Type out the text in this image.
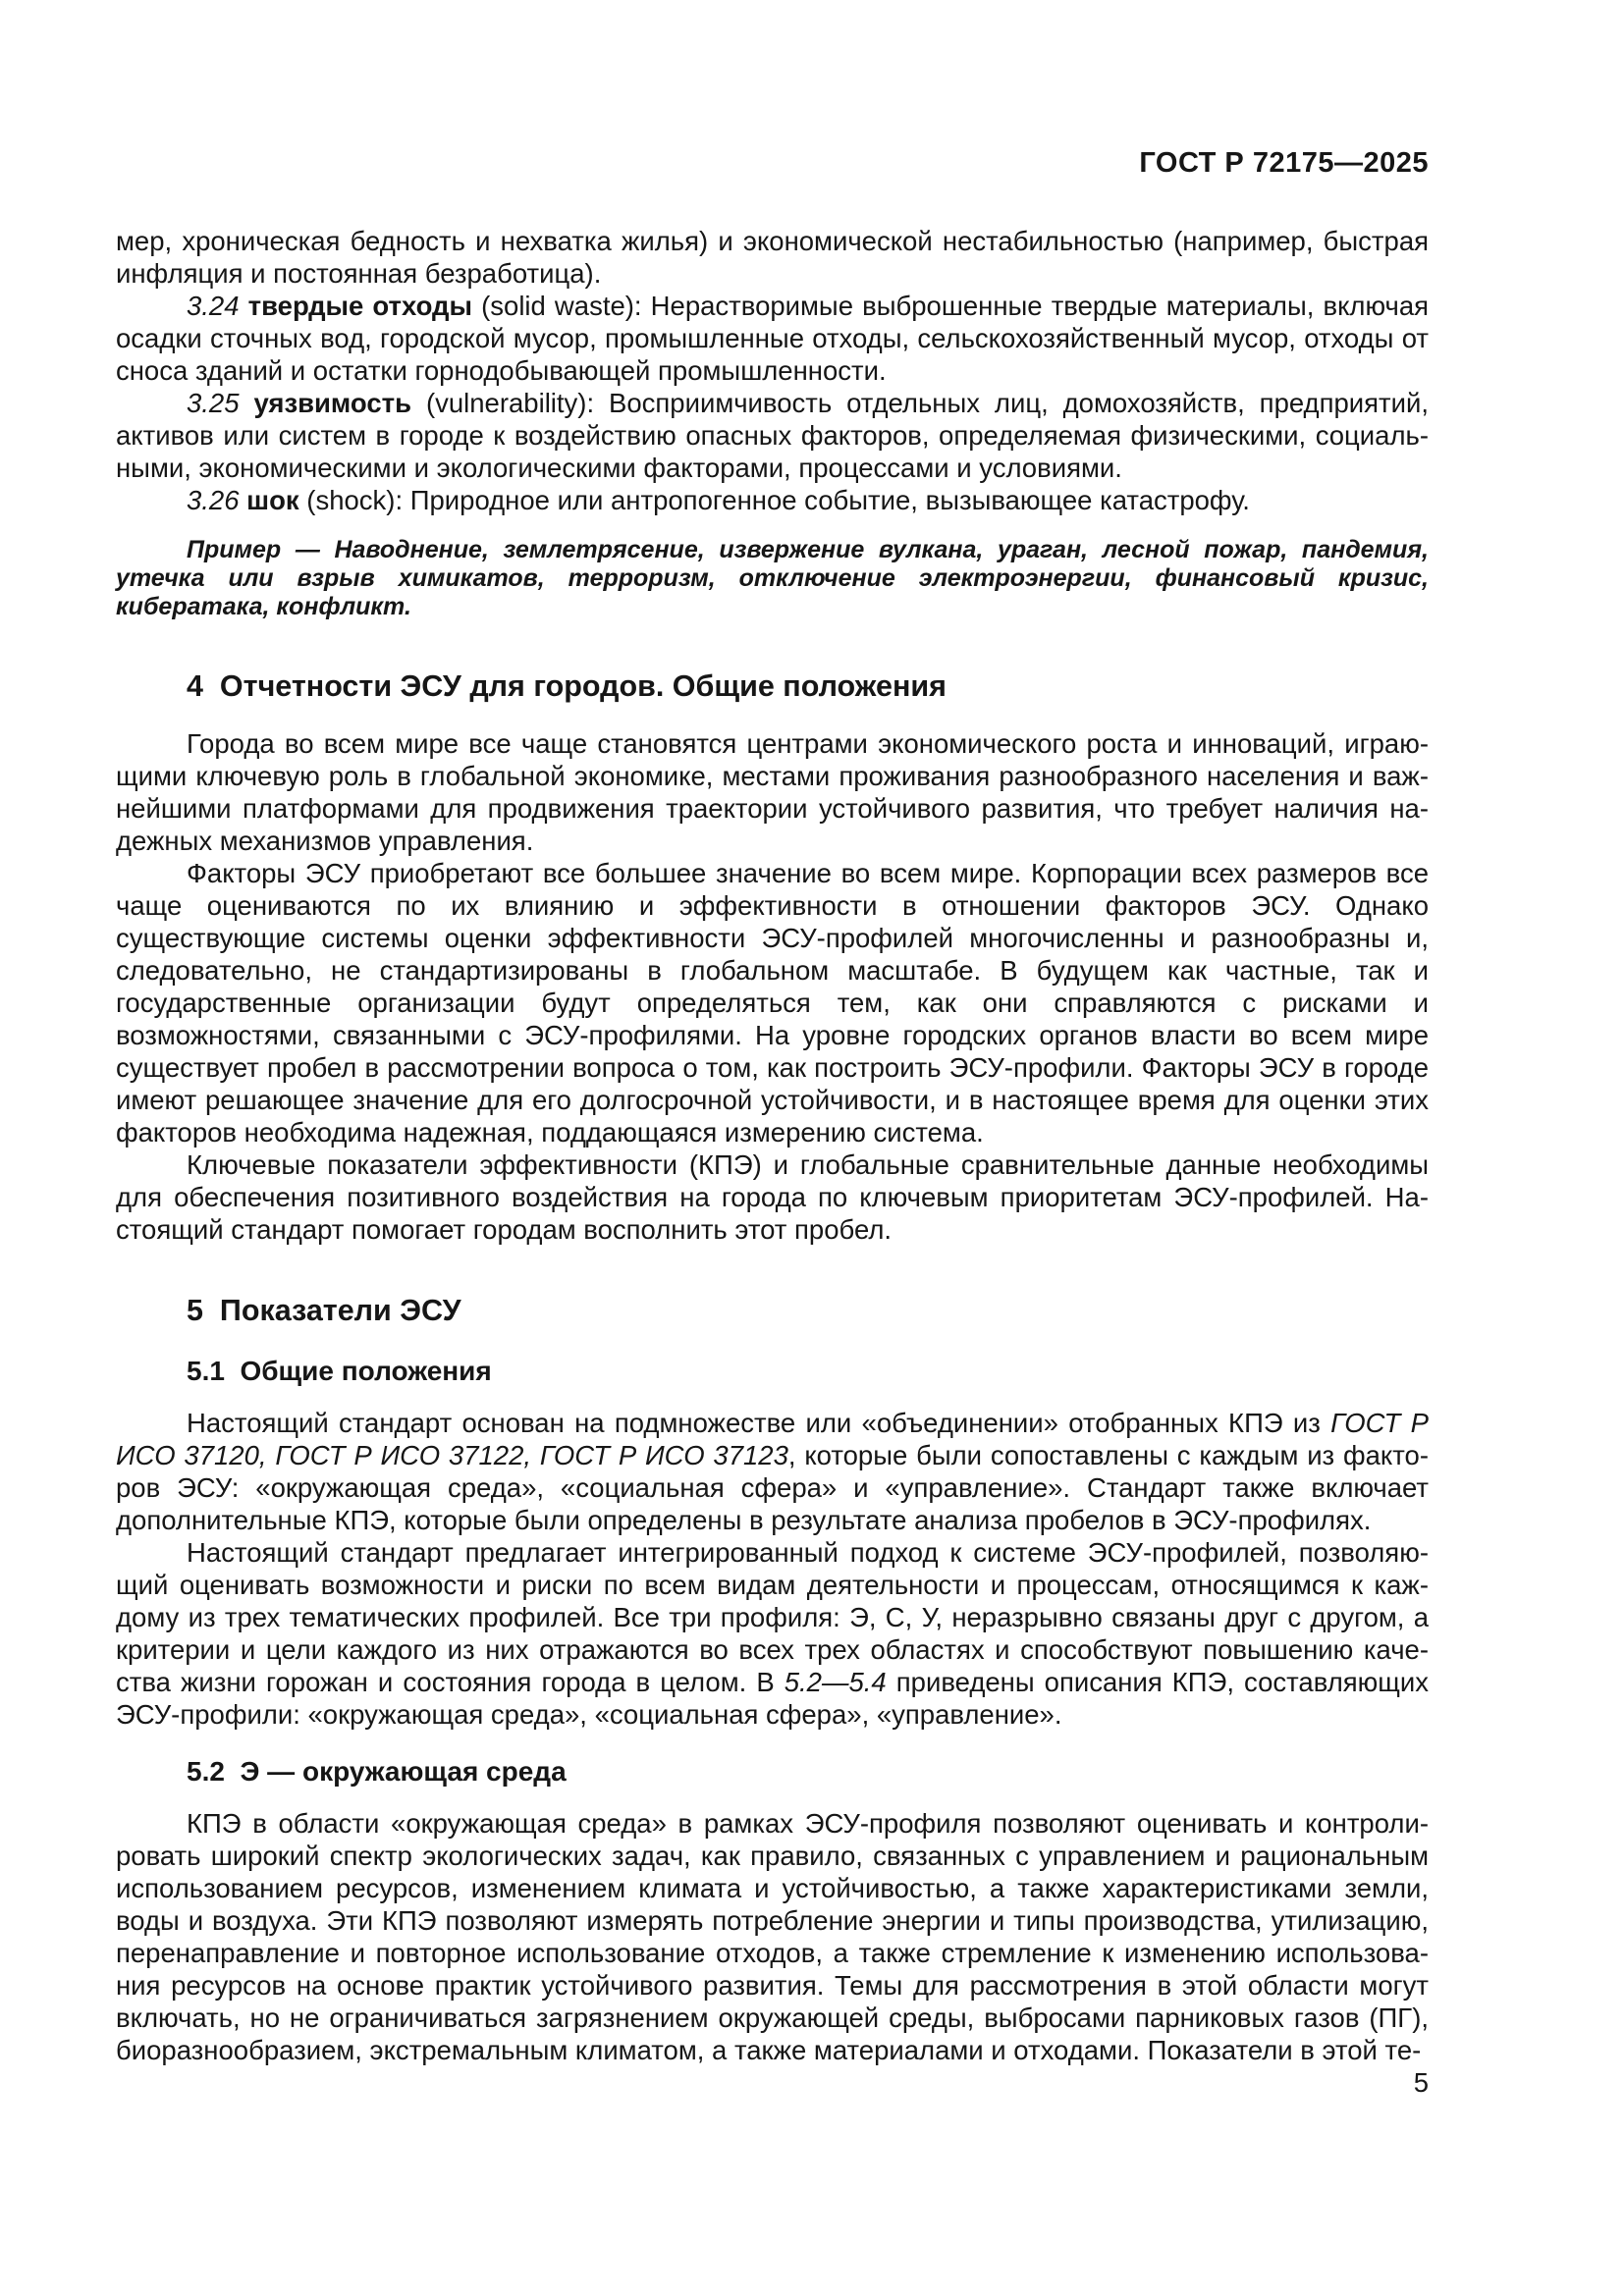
ГОСТ Р 72175—2025

мер, хроническая бедность и нехватка жилья) и экономической нестабильностью (например, быстрая инфляция и постоянная безработица).

3.24 твердые отходы (solid waste): Нерастворимые выброшенные твердые материалы, включая осадки сточных вод, городской мусор, промышленные отходы, сельскохозяйственный мусор, отходы от сноса зданий и остатки горнодобывающей промышленности.

3.25 уязвимость (vulnerability): Восприимчивость отдельных лиц, домохозяйств, предприятий, активов или систем в городе к воздействию опасных факторов, определяемая физическими, социальными, экономическими и экологическими факторами, процессами и условиями.

3.26 шок (shock): Природное или антропогенное событие, вызывающее катастрофу.

Пример — Наводнение, землетрясение, извержение вулкана, ураган, лесной пожар, пандемия, утечка или взрыв химикатов, терроризм, отключение электроэнергии, финансовый кризис, кибератака, конфликт.

4  Отчетности ЭСУ для городов. Общие положения

Города во всем мире все чаще становятся центрами экономического роста и инноваций, играющими ключевую роль в глобальной экономике, местами проживания разнообразного населения и важнейшими платформами для продвижения траектории устойчивого развития, что требует наличия надежных механизмов управления.

Факторы ЭСУ приобретают все большее значение во всем мире. Корпорации всех размеров все чаще оцениваются по их влиянию и эффективности в отношении факторов ЭСУ. Однако существующие системы оценки эффективности ЭСУ-профилей многочисленны и разнообразны и, следовательно, не стандартизированы в глобальном масштабе. В будущем как частные, так и государственные организации будут определяться тем, как они справляются с рисками и возможностями, связанными с ЭСУ-профилями. На уровне городских органов власти во всем мире существует пробел в рассмотрении вопроса о том, как построить ЭСУ-профили. Факторы ЭСУ в городе имеют решающее значение для его долгосрочной устойчивости, и в настоящее время для оценки этих факторов необходима надежная, поддающаяся измерению система.

Ключевые показатели эффективности (КПЭ) и глобальные сравнительные данные необходимы для обеспечения позитивного воздействия на города по ключевым приоритетам ЭСУ-профилей. Настоящий стандарт помогает городам восполнить этот пробел.

5  Показатели ЭСУ
5.1  Общие положения

Настоящий стандарт основан на подмножестве или «объединении» отобранных КПЭ из ГОСТ Р ИСО 37120, ГОСТ Р ИСО 37122, ГОСТ Р ИСО 37123, которые были сопоставлены с каждым из факторов ЭСУ: «окружающая среда», «социальная сфера» и «управление». Стандарт также включает дополнительные КПЭ, которые были определены в результате анализа пробелов в ЭСУ-профилях.

Настоящий стандарт предлагает интегрированный подход к системе ЭСУ-профилей, позволяющий оценивать возможности и риски по всем видам деятельности и процессам, относящимся к каждому из трех тематических профилей. Все три профиля: Э, С, У, неразрывно связаны друг с другом, а критерии и цели каждого из них отражаются во всех трех областях и способствуют повышению качества жизни горожан и состояния города в целом. В 5.2—5.4 приведены описания КПЭ, составляющих ЭСУ-профили: «окружающая среда», «социальная сфера», «управление».

5.2  Э — окружающая среда

КПЭ в области «окружающая среда» в рамках ЭСУ-профиля позволяют оценивать и контролировать широкий спектр экологических задач, как правило, связанных с управлением и рациональным использованием ресурсов, изменением климата и устойчивостью, а также характеристиками земли, воды и воздуха. Эти КПЭ позволяют измерять потребление энергии и типы производства, утилизацию, перенаправление и повторное использование отходов, а также стремление к изменению использования ресурсов на основе практик устойчивого развития. Темы для рассмотрения в этой области могут включать, но не ограничиваться загрязнением окружающей среды, выбросами парниковых газов (ПГ), биоразнообразием, экстремальным климатом, а также материалами и отходами. Показатели в этой те-

5
